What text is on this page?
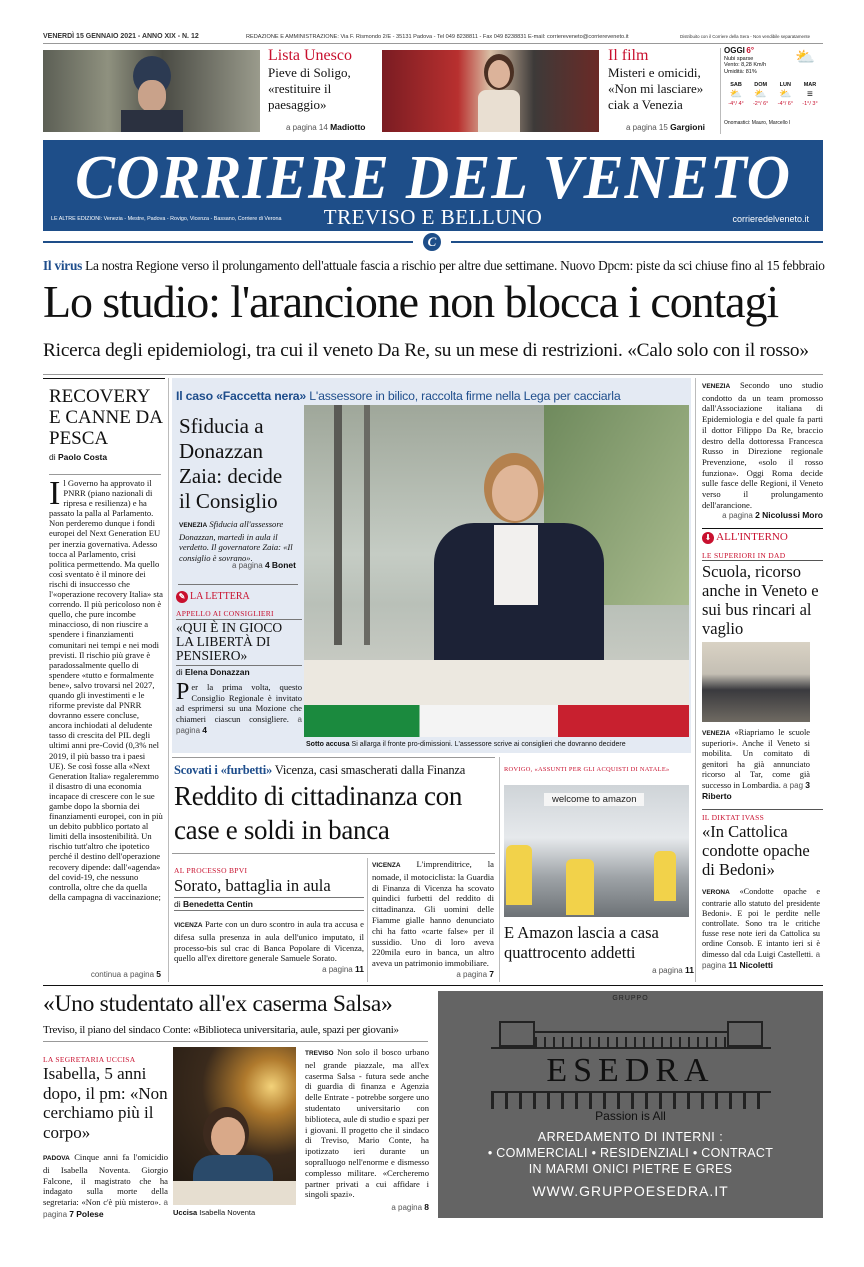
VENERDÌ 15 GENNAIO 2021 - ANNO XIX - N. 12	REDAZIONE E AMMINISTRAZIONE: Via F. Rismondo 2/E - 35131 Padova - Tel 049 8238811 - Fax 049 8238831 E-mail: corriereveneto@corriereveneto.it	Distribuito con il Corriere della Sera - Non vendibile separatamente
Lista Unesco
Pieve di Soligo, «restituire il paesaggio»
a pagina 14 Madiotto
Il film
Misteri e omicidi, «Non mi lasciare» ciak a Venezia
a pagina 15 Gargioni
OGGI 6°
Nubi sparse
Vento: 8,28 Km/h
Umidità: 81%
⛅
SAB
⛅
-4°/ 4°
DOM
⛅
-2°/ 6°
LUN
⛅
-4°/ 6°
MAR
≡
-1°/ 3°
Onomastici: Mauro, Marcello I
CORRIERE DEL VENETO
TREVISO E BELLUNO
LE ALTRE EDIZIONI: Venezia - Mestre, Padova - Rovigo, Vicenza - Bassano, Corriere di Verona	corrieredelveneto.it
C
Il virus La nostra Regione verso il prolungamento dell'attuale fascia a rischio per altre due settimane. Nuovo Dpcm: piste da sci chiuse fino al 15 febbraio
Lo studio: l'arancione non blocca i contagi
Ricerca degli epidemiologi, tra cui il veneto Da Re, su un mese di restrizioni. «Calo solo con il rosso»
RECOVERY E CANNE DA PESCA
di Paolo Costa
Il Governo ha approvato il PNRR (piano nazionali di ripresa e resilienza) e ha passato la palla al Parlamento. Non perderemo dunque i fondi europei del Next Generation EU per inerzia governativa. Adesso tocca al Parlamento, crisi politica permettendo. Ma quello così sventato è il minore dei rischi di insuccesso che l'«operazione recovery Italia» sta correndo. Il più pericoloso non è quello, che pure incombe minaccioso, di non riuscire a spendere i finanziamenti comunitari nei tempi e nei modi previsti. Il rischio più grave è paradossalmente quello di spendere «tutto e formalmente bene», salvo trovarsi nel 2027, quando gli investimenti e le riforme previste dal PNRR dovranno essere concluse, ancora inchiodati al deludente tasso di crescita del PIL degli ultimi anni pre-Covid (0,3% nel 2019, il più basso tra i paesi UE). Se così fosse alla «Next Generation Italia» regaleremmo il disastro di una economia incapace di crescere con le sue gambe dopo la sbornia dei finanziamenti europei, con in più un debito pubblico portato al limiti della insostenibilità. Un rischio tutt'altro che ipotetico perché il destino dell'operazione recovery dipende: dall'«agenda» del covid-19, che nessuno controlla, oltre che da quella della campagna di vaccinazione;
continua a pagina 5
Il caso «Faccetta nera» L'assessore in bilico, raccolta firme nella Lega per cacciarla
Sfiducia a Donazzan Zaia: decide il Consiglio
VENEZIA Sfiducia all'assessore Donazzan, martedì in aula il verdetto. Il governatore Zaia: «Il consiglio è sovrano».
a pagina 4 Bonet
Sotto accusa Si allarga il fronte pro-dimissioni. L'assessore scrive ai consiglieri che dovranno decidere
✎ LA LETTERA
APPELLO AI CONSIGLIERI
«QUI È IN GIOCO LA LIBERTÀ DI PENSIERO»
di Elena Donazzan
Per la prima volta, questo Consiglio Regionale è invitato ad esprimersi su una Mozione che chiameri ciascun consigliere. a pagina 4
VENEZIA Secondo uno studio condotto da un team promosso dall'Associazione italiana di Epidemiologia e del quale fa parti il dottor Filippo Da Re, braccio destro della dottoressa Francesca Russo in Direzione regionale Prevenzione, «solo il rosso funziona». Oggi Roma decide sulle fasce delle Regioni, il Veneto verso il prolungamento dell'arancione.
a pagina 2 Nicolussi Moro
⬇ ALL'INTERNO
LE SUPERIORI IN DAD
Scuola, ricorso anche in Veneto e sui bus rincari al vaglio
VENEZIA «Riapriamo le scuole superiori». Anche il Veneto si mobilita. Un comitato di genitori ha già annunciato ricorso al Tar, come già successo in Lombardia. a pag 3 Riberto
IL DIKTAT IVASS
«In Cattolica condotte opache di Bedoni»
VERONA «Condotte opache e contrarie allo statuto del presidente Bedoni». E poi le perdite nelle controllate. Sono tra le critiche fusse rese note ieri da Cattolica su ordine Consob. E intanto ieri si è dimesso dal cda Luigi Castelletti. a pagina 11 Nicoletti
Scovati i «furbetti» Vicenza, casi smascherati dalla Finanza
Reddito di cittadinanza con case e soldi in banca
AL PROCESSO BPVI
Sorato, battaglia in aula
di Benedetta Centin
VICENZA Parte con un duro scontro in aula tra accusa e difesa sulla presenza in aula dell'unico imputato, il processo-bis sul crac di Banca Popolare di Vicenza, quello all'ex direttore generale Samuele Sorato.
a pagina 11
VICENZA L'imprenditrice, la nomade, il motociclista: la Guardia di Finanza di Vicenza ha scovato quindici furbetti del reddito di cittadinanza. Gli uomini delle Fiamme gialle hanno denunciato chi ha fatto «carte false» per il sussidio. Uno di loro aveva 220mila euro in banca, un altro aveva un patrimonio immobiliare.
a pagina 7
ROVIGO, «ASSUNTI PER GLI ACQUISTI DI NATALE»
welcome to amazon
E Amazon lascia a casa quattrocento addetti
a pagina 11
«Uno studentato all'ex caserma Salsa»
Treviso, il piano del sindaco Conte: «Biblioteca universitaria, aule, spazi per giovani»
LA SEGRETARIA UCCISA
Isabella, 5 anni dopo, il pm: «Non cerchiamo più il corpo»
PADOVA Cinque anni fa l'omicidio di Isabella Noventa. Giorgio Falcone, il magistrato che ha indagato sulla morte della segretaria: «Non c'è più mistero». a pagina 7 Polese	Uccisa Isabella Noventa
TREVISO Non solo il bosco urbano nel grande piazzale, ma all'ex caserma Salsa - futura sede anche di guardia di finanza e Agenzia delle Entrate - potrebbe sorgere uno studentato universitario con biblioteca, aule di studio e spazi per i giovani. Il progetto che il sindaco di Treviso, Mario Conte, ha ipotizzato ieri durante un sopralluogo nell'enorme e dismesso complesso militare. «Cercheremo partner privati a cui affidare i singoli spazi».
a pagina 8
GRUPPO
ESEDRA
Passion is All
ARREDAMENTO DI INTERNI :
• COMMERCIALI • RESIDENZIALI • CONTRACT
IN MARMI ONICI PIETRE E GRES
WWW.GRUPPOESEDRA.IT
